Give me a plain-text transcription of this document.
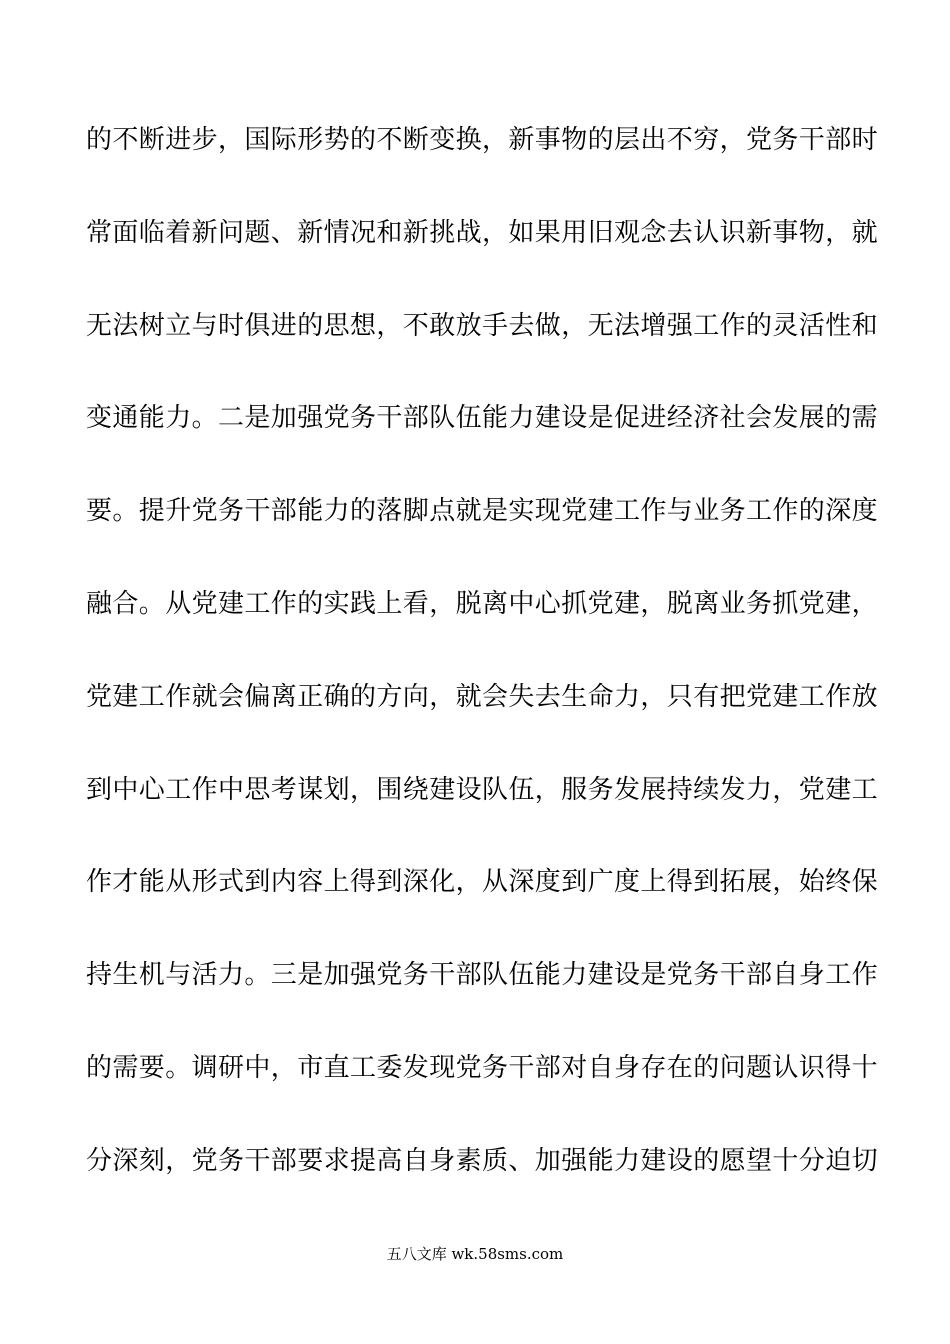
的不断进步，国际形势的不断变换，新事物的层出不穷，党务干部时
常面临着新问题、新情况和新挑战，如果用旧观念去认识新事物，就
无法树立与时俱进的思想，不敢放手去做，无法增强工作的灵活性和
变通能力。二是加强党务干部队伍能力建设是促进经济社会发展的需
要。提升党务干部能力的落脚点就是实现党建工作与业务工作的深度
融合。从党建工作的实践上看，脱离中心抓党建，脱离业务抓党建，
党建工作就会偏离正确的方向，就会失去生命力，只有把党建工作放
到中心工作中思考谋划，围绕建设队伍，服务发展持续发力，党建工
作才能从形式到内容上得到深化，从深度到广度上得到拓展，始终保
持生机与活力。三是加强党务干部队伍能力建设是党务干部自身工作
的需要。调研中，市直工委发现党务干部对自身存在的问题认识得十
分深刻，党务干部要求提高自身素质、加强能力建设的愿望十分迫切
五八文库 wk.58sms.com
